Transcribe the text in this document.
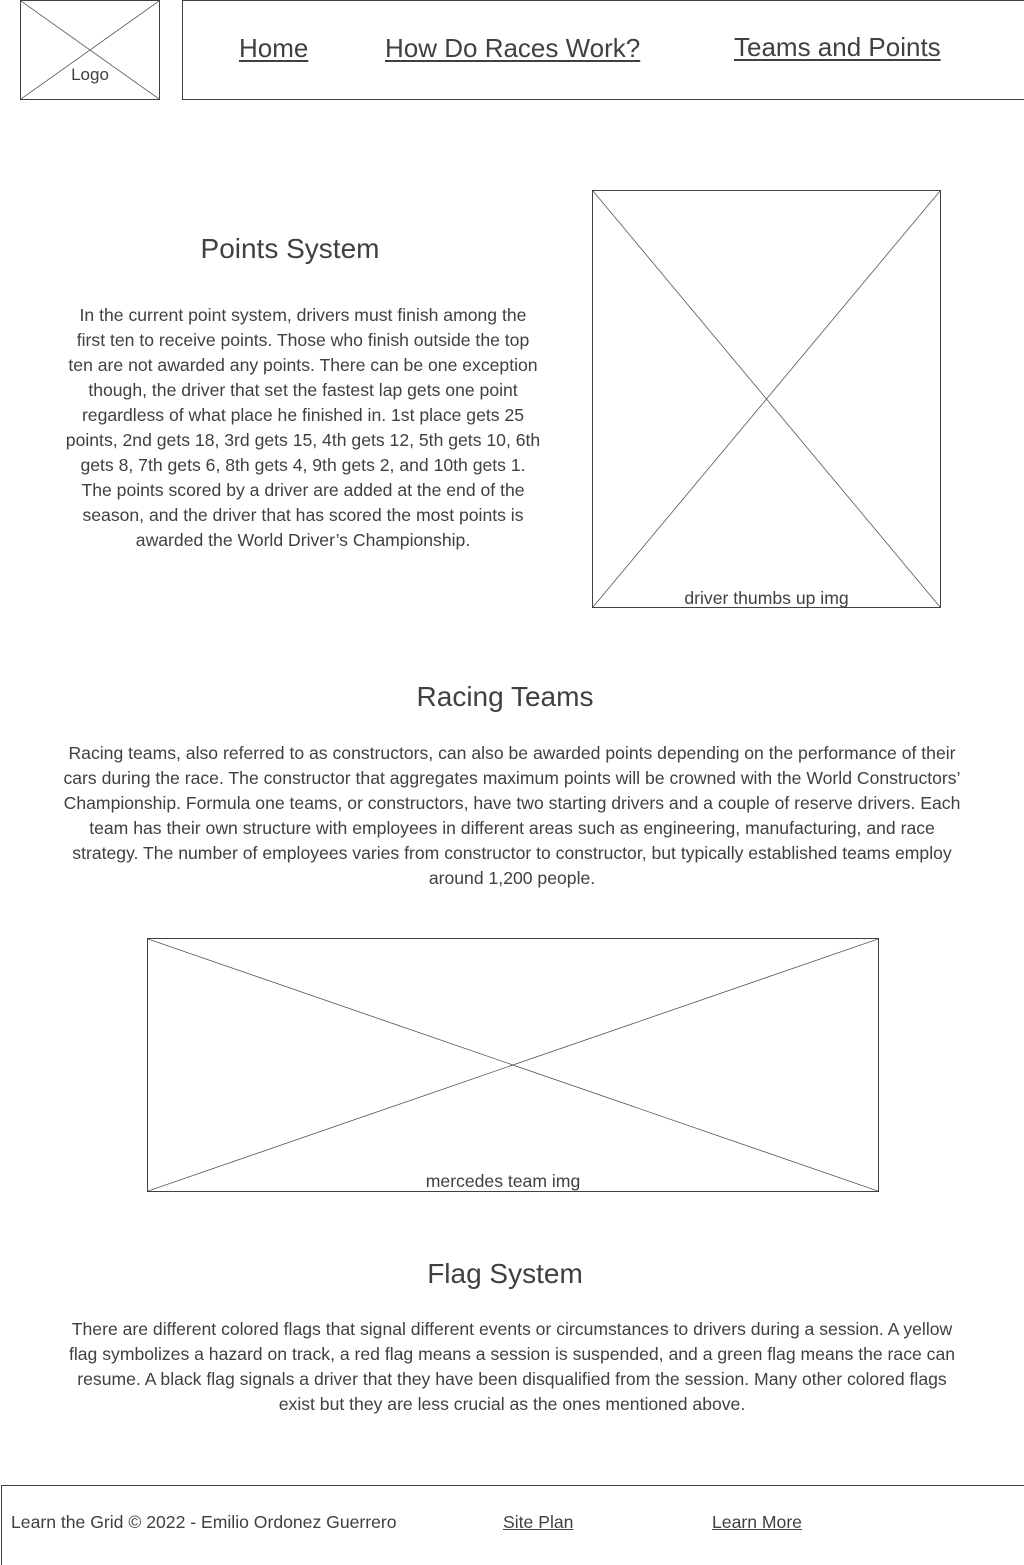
Logo
Home	How Do Races Work?	Teams and Points
Points System
In the current point system, drivers must finish among the first ten to receive points. Those who finish outside the top ten are not awarded any points. There can be one exception though, the driver that set the fastest lap gets one point regardless of what place he finished in. 1st place gets 25 points, 2nd gets 18, 3rd gets 15, 4th gets 12, 5th gets 10, 6th gets 8, 7th gets 6, 8th gets 4, 9th gets 2, and 10th gets 1. The points scored by a driver are added at the end of the season, and the driver that has scored the most points is awarded the World Driver’s Championship.
driver thumbs up img
Racing Teams
Racing teams, also referred to as constructors, can also be awarded points depending on the performance of their cars during the race. The constructor that aggregates maximum points will be crowned with the World Constructors’ Championship. Formula one teams, or constructors, have two starting drivers and a couple of reserve drivers. Each team has their own structure with employees in different areas such as engineering, manufacturing, and race strategy. The number of employees varies from constructor to constructor, but typically established teams employ around 1,200 people.
mercedes team img
Flag System
There are different colored flags that signal different events or circumstances to drivers during a session. A yellow flag symbolizes a hazard on track, a red flag means a session is suspended, and a green flag means the race can resume. A black flag signals a driver that they have been disqualified from the session. Many other colored flags exist but they are less crucial as the ones mentioned above.
Learn the Grid © 2022 - Emilio Ordonez Guerrero	Site Plan	Learn More
